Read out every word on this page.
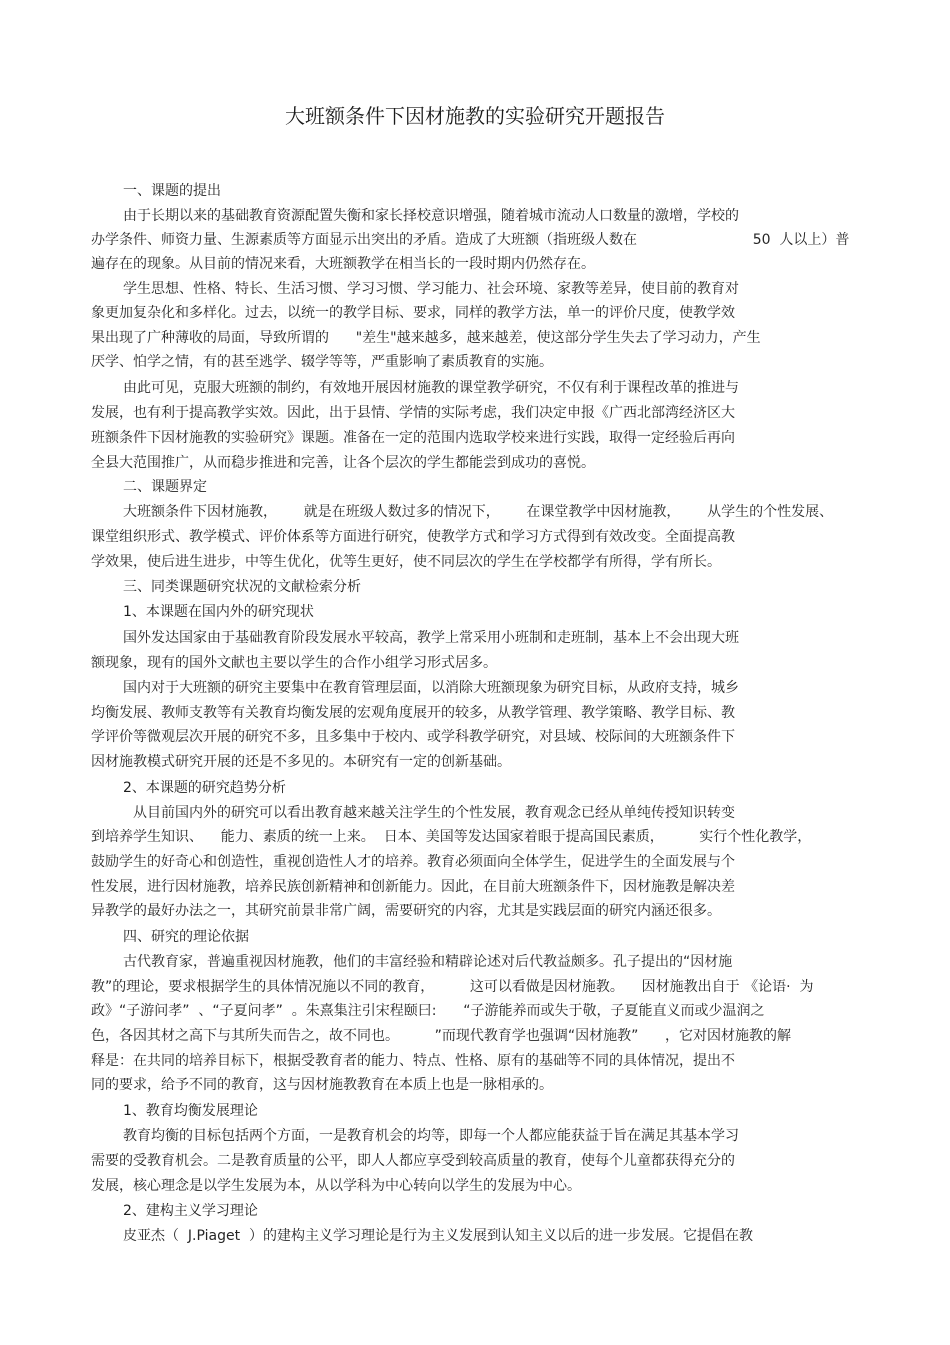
大班额条件下因材施教的实验研究开题报告

一、课题的提出

由于长期以来的基础教育资源配置失衡和家长择校意识增强，随着城市流动人口数量的激增，学校的

办学条件、师资力量、生源素质等方面显示出突出的矛盾。造成了大班额（指班级人数在                          50  人以上）普

遍存在的现象。从目前的情况来看，大班额教学在相当长的一段时期内仍然存在。

学生思想、性格、特长、生活习惯、学习习惯、学习能力、社会环境、家教等差异，使目前的教育对

象更加复杂化和多样化。过去，以统一的教学目标、要求，同样的教学方法，单一的评价尺度，使教学效

果出现了广种薄收的局面，导致所谓的      "差生"越来越多，越来越差，使这部分学生失去了学习动力，产生

厌学、怕学之情，有的甚至逃学、辍学等等，严重影响了素质教育的实施。

由此可见，克服大班额的制约，有效地开展因材施教的课堂教学研究，不仅有利于课程改革的推进与

发展，也有利于提高教学实效。因此，出于县情、学情的实际考虑，我们决定申报《广西北部湾经济区大

班额条件下因材施教的实验研究》课题。准备在一定的范围内选取学校来进行实践，取得一定经验后再向

全县大范围推广，从而稳步推进和完善，让各个层次的学生都能尝到成功的喜悦。

二、课题界定

大班额条件下因材施教，      就是在班级人数过多的情况下，      在课堂教学中因材施教，      从学生的个性发展、

课堂组织形式、教学模式、评价体系等方面进行研究，使教学方式和学习方式得到有效改变。全面提高教

学效果，使后进生进步，中等生优化，优等生更好，使不同层次的学生在学校都学有所得，学有所长。

三、同类课题研究状况的文献检索分析

1、本课题在国内外的研究现状

国外发达国家由于基础教育阶段发展水平较高，教学上常采用小班制和走班制，基本上不会出现大班

额现象，现有的国外文献也主要以学生的合作小组学习形式居多。

国内对于大班额的研究主要集中在教育管理层面，以消除大班额现象为研究目标，从政府支持，城乡

均衡发展、教师支教等有关教育均衡发展的宏观角度展开的较多，从教学管理、教学策略、教学目标、教

学评价等微观层次开展的研究不多，且多集中于校内、或学科教学研究，对县域、校际间的大班额条件下

因材施教模式研究开展的还是不多见的。本研究有一定的创新基础。

2、本课题的研究趋势分析

从目前国内外的研究可以看出教育越来越关注学生的个性发展，教育观念已经从单纯传授知识转变

到培养学生知识、    能力、素质的统一上来。  日本、美国等发达国家着眼于提高国民素质，        实行个性化教学，

鼓励学生的好奇心和创造性，重视创造性人才的培养。教育必须面向全体学生，促进学生的全面发展与个

性发展，进行因材施教，培养民族创新精神和创新能力。因此，在目前大班额条件下，因材施教是解决差

异教学的最好办法之一，其研究前景非常广阔，需要研究的内容，尤其是实践层面的研究内涵还很多。

四、研究的理论依据

古代教育家，普遍重视因材施教，他们的丰富经验和精辟论述对后代教益颇多。孔子提出的“因材施

教”的理论，要求根据学生的具体情况施以不同的教育，        这可以看做是因材施教。    因材施教出自于 《论语·  为

政》“子游问孝”  、“子夏问孝”  。朱熹集注引宋程颐曰:      “子游能养而或失于敬，子夏能直义而或少温润之

色，各因其材之高下与其所失而告之，故不同也。        ”而现代教育学也强调“因材施教”      ，它对因材施教的解

释是：在共同的培养目标下，根据受教育者的能力、特点、性格、原有的基础等不同的具体情况，提出不

同的要求，给予不同的教育，这与因材施教教育在本质上也是一脉相承的。

1、教育均衡发展理论

教育均衡的目标包括两个方面，一是教育机会的均等，即每一个人都应能获益于旨在满足其基本学习

需要的受教育机会。二是教育质量的公平，即人人都应享受到较高质量的教育，使每个儿童都获得充分的

发展，核心理念是以学生发展为本，从以学科为中心转向以学生的发展为中心。

2、建构主义学习理论

皮亚杰（  J.Piaget  ）的建构主义学习理论是行为主义发展到认知主义以后的进一步发展。它提倡在教
